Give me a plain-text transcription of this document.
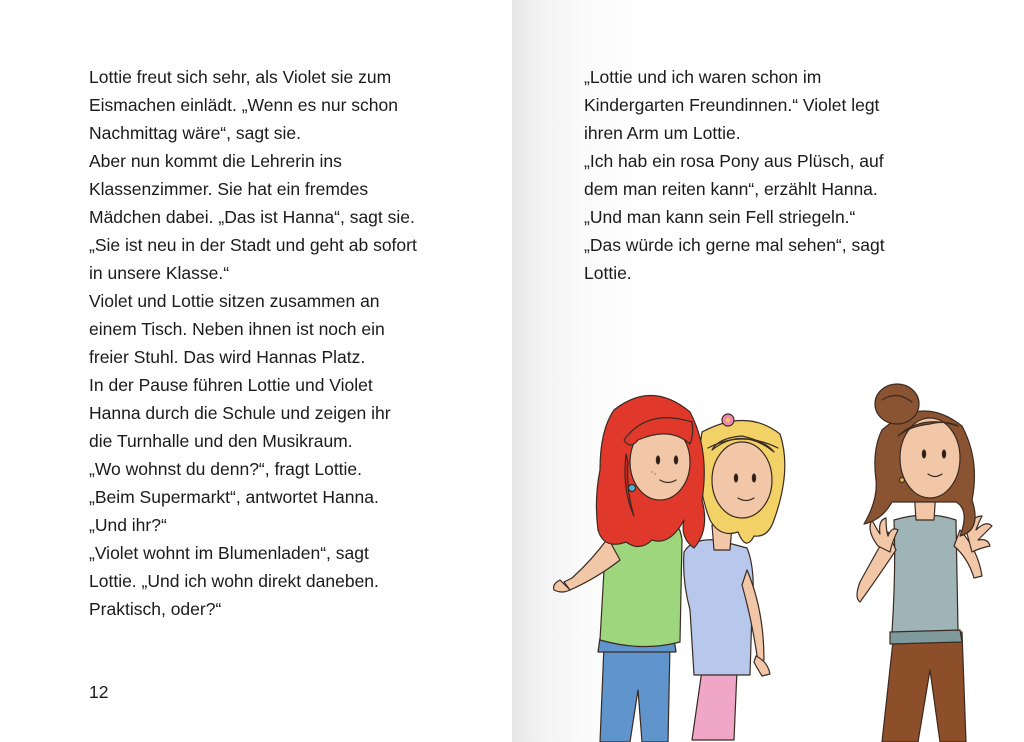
Lottie freut sich sehr, als Violet sie zum
Eismachen einlädt. „Wenn es nur schon
Nachmittag wäre“, sagt sie.
Aber nun kommt die Lehrerin ins
Klassenzimmer. Sie hat ein fremdes
Mädchen dabei. „Das ist Hanna“, sagt sie.
„Sie ist neu in der Stadt und geht ab sofort
in unsere Klasse.“
Violet und Lottie sitzen zusammen an
einem Tisch. Neben ihnen ist noch ein
freier Stuhl. Das wird Hannas Platz.
In der Pause führen Lottie und Violet
Hanna durch die Schule und zeigen ihr
die Turnhalle und den Musikraum.
„Wo wohnst du denn?“, fragt Lottie.
„Beim Supermarkt“, antwortet Hanna.
„Und ihr?“
„Violet wohnt im Blumenladen“, sagt
Lottie. „Und ich wohn direkt daneben.
Praktisch, oder?“
12
„Lottie und ich waren schon im
Kindergarten Freundinnen.“ Violet legt
ihren Arm um Lottie.
„Ich hab ein rosa Pony aus Plüsch, auf
dem man reiten kann“, erzählt Hanna.
„Und man kann sein Fell striegeln.“
„Das würde ich gerne mal sehen“, sagt
Lottie.
